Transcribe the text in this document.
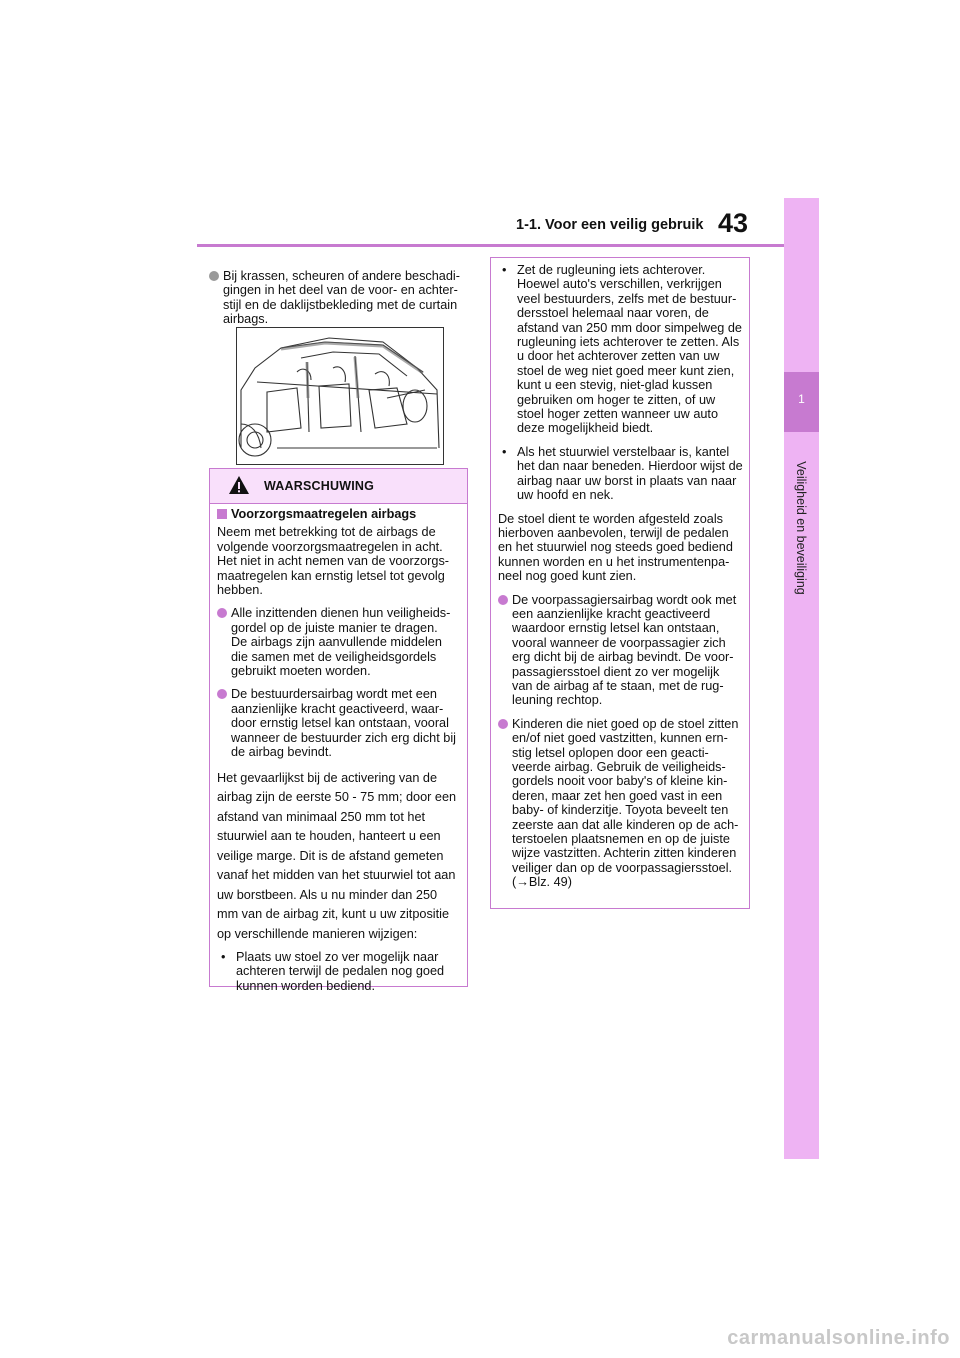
43
1-1. Voor een veilig gebruik
1
Veiligheid en beveiliging
Bij krassen, scheuren of andere beschadi-
gingen in het deel van de voor- en achter-
stijl en de daklijstbekleding met de curtain
airbags.
WAARSCHUWING
Voorzorgsmaatregelen airbags

Neem met betrekking tot de airbags de
volgende voorzorgsmaatregelen in acht.
Het niet in acht nemen van de voorzorgs-
maatregelen kan ernstig letsel tot gevolg
hebben.

Alle inzittenden dienen hun veiligheids-
gordel op de juiste manier te dragen.
De airbags zijn aanvullende middelen
die samen met de veiligheidsgordels
gebruikt moeten worden.
De bestuurdersairbag wordt met een
aanzienlijke kracht geactiveerd, waar-
door ernstig letsel kan ontstaan, vooral
wanneer de bestuurder zich erg dicht bij
de airbag bevindt.

Het gevaarlijkst bij de activering van de
airbag zijn de eerste 50 - 75 mm; door een
afstand van minimaal 250 mm tot het
stuurwiel aan te houden, hanteert u een
veilige marge. Dit is de afstand gemeten
vanaf het midden van het stuurwiel tot aan
uw borstbeen. Als u nu minder dan 250
mm van de airbag zit, kunt u uw zitpositie
op verschillende manieren wijzigen:

• Plaats uw stoel zo ver mogelijk naar
achteren terwijl de pedalen nog goed
kunnen worden bediend.
• Zet de rugleuning iets achterover.
Hoewel auto's verschillen, verkrijgen
veel bestuurders, zelfs met de bestuur-
dersstoel helemaal naar voren, de
afstand van 250 mm door simpelweg de
rugleuning iets achterover te zetten. Als
u door het achterover zetten van uw
stoel de weg niet goed meer kunt zien,
kunt u een stevig, niet-glad kussen
gebruiken om hoger te zitten, of uw
stoel hoger zetten wanneer uw auto
deze mogelijkheid biedt.
• Als het stuurwiel verstelbaar is, kantel
het dan naar beneden. Hierdoor wijst de
airbag naar uw borst in plaats van naar
uw hoofd en nek.

De stoel dient te worden afgesteld zoals
hierboven aanbevolen, terwijl de pedalen
en het stuurwiel nog steeds goed bediend
kunnen worden en u het instrumentenpa-
neel nog goed kunt zien.

De voorpassagiersairbag wordt ook met
een aanzienlijke kracht geactiveerd
waardoor ernstig letsel kan ontstaan,
vooral wanneer de voorpassagier zich
erg dicht bij de airbag bevindt. De voor-
passagiersstoel dient zo ver mogelijk
van de airbag af te staan, met de rug-
leuning rechtop.
Kinderen die niet goed op de stoel zitten
en/of niet goed vastzitten, kunnen ern-
stig letsel oplopen door een geacti-
veerde airbag. Gebruik de veiligheids-
gordels nooit voor baby's of kleine kin-
deren, maar zet hen goed vast in een
baby- of kinderzitje. Toyota beveelt ten
zeerste aan dat alle kinderen op de ach-
terstoelen plaatsnemen en op de juiste
wijze vastzitten. Achterin zitten kinderen
veiliger dan op de voorpassagiersstoel.
(→Blz. 49)
carmanualsonline.info
